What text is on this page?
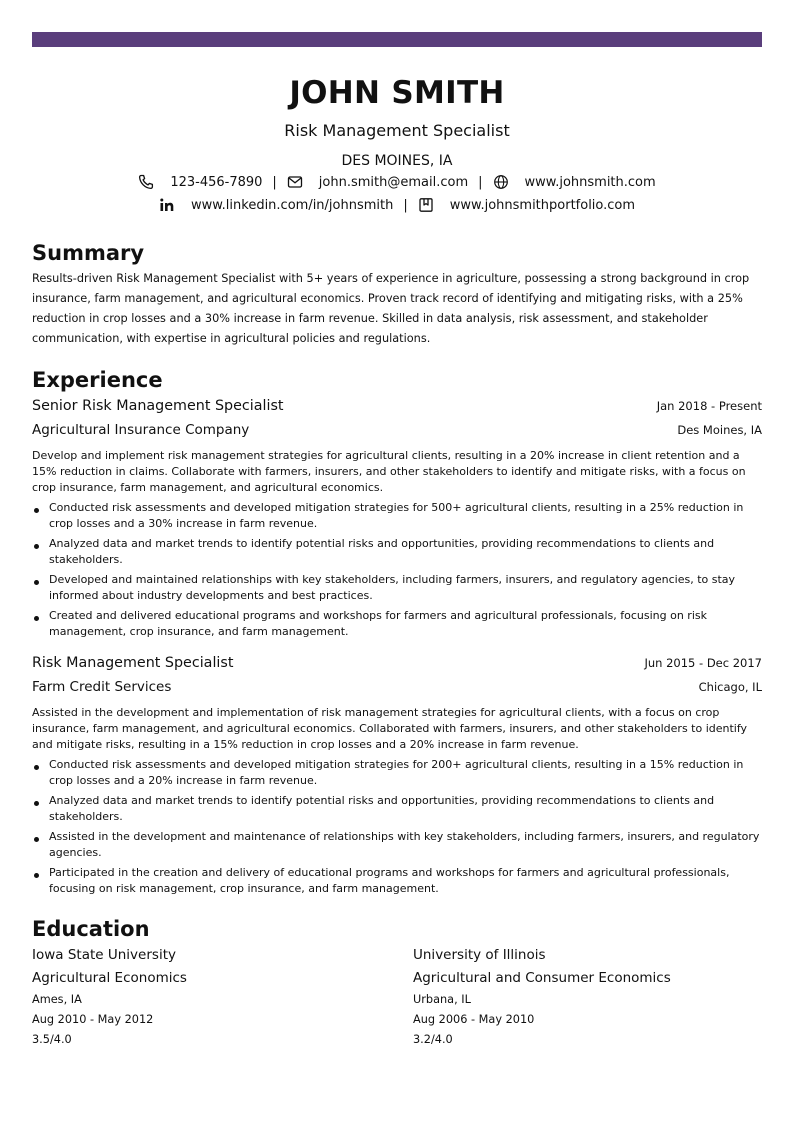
JOHN SMITH
Risk Management Specialist
DES MOINES, IA
123-456-7890 |	john.smith@email.com |	www.johnsmith.com
www.linkedin.com/in/johnsmith |	www.johnsmithportfolio.com
Summary
Results-driven Risk Management Specialist with 5+ years of experience in agriculture, possessing a strong background in crop insurance, farm management, and agricultural economics. Proven track record of identifying and mitigating risks, with a 25% reduction in crop losses and a 30% increase in farm revenue. Skilled in data analysis, risk assessment, and stakeholder communication, with expertise in agricultural policies and regulations.
Experience
Senior Risk Management Specialist	Jan 2018 - Present
Agricultural Insurance Company	Des Moines, IA
Develop and implement risk management strategies for agricultural clients, resulting in a 20% increase in client retention and a 15% reduction in claims. Collaborate with farmers, insurers, and other stakeholders to identify and mitigate risks, with a focus on crop insurance, farm management, and agricultural economics.
Conducted risk assessments and developed mitigation strategies for 500+ agricultural clients, resulting in a 25% reduction in crop losses and a 30% increase in farm revenue.
Analyzed data and market trends to identify potential risks and opportunities, providing recommendations to clients and stakeholders.
Developed and maintained relationships with key stakeholders, including farmers, insurers, and regulatory agencies, to stay informed about industry developments and best practices.
Created and delivered educational programs and workshops for farmers and agricultural professionals, focusing on risk management, crop insurance, and farm management.
Risk Management Specialist	Jun 2015 - Dec 2017
Farm Credit Services	Chicago, IL
Assisted in the development and implementation of risk management strategies for agricultural clients, with a focus on crop insurance, farm management, and agricultural economics. Collaborated with farmers, insurers, and other stakeholders to identify and mitigate risks, resulting in a 15% reduction in crop losses and a 20% increase in farm revenue.
Conducted risk assessments and developed mitigation strategies for 200+ agricultural clients, resulting in a 15% reduction in crop losses and a 20% increase in farm revenue.
Analyzed data and market trends to identify potential risks and opportunities, providing recommendations to clients and stakeholders.
Assisted in the development and maintenance of relationships with key stakeholders, including farmers, insurers, and regulatory agencies.
Participated in the creation and delivery of educational programs and workshops for farmers and agricultural professionals, focusing on risk management, crop insurance, and farm management.
Education
Iowa State University
Agricultural Economics
Ames, IA
Aug 2010 - May 2012
3.5/4.0
University of Illinois
Agricultural and Consumer Economics
Urbana, IL
Aug 2006 - May 2010
3.2/4.0
